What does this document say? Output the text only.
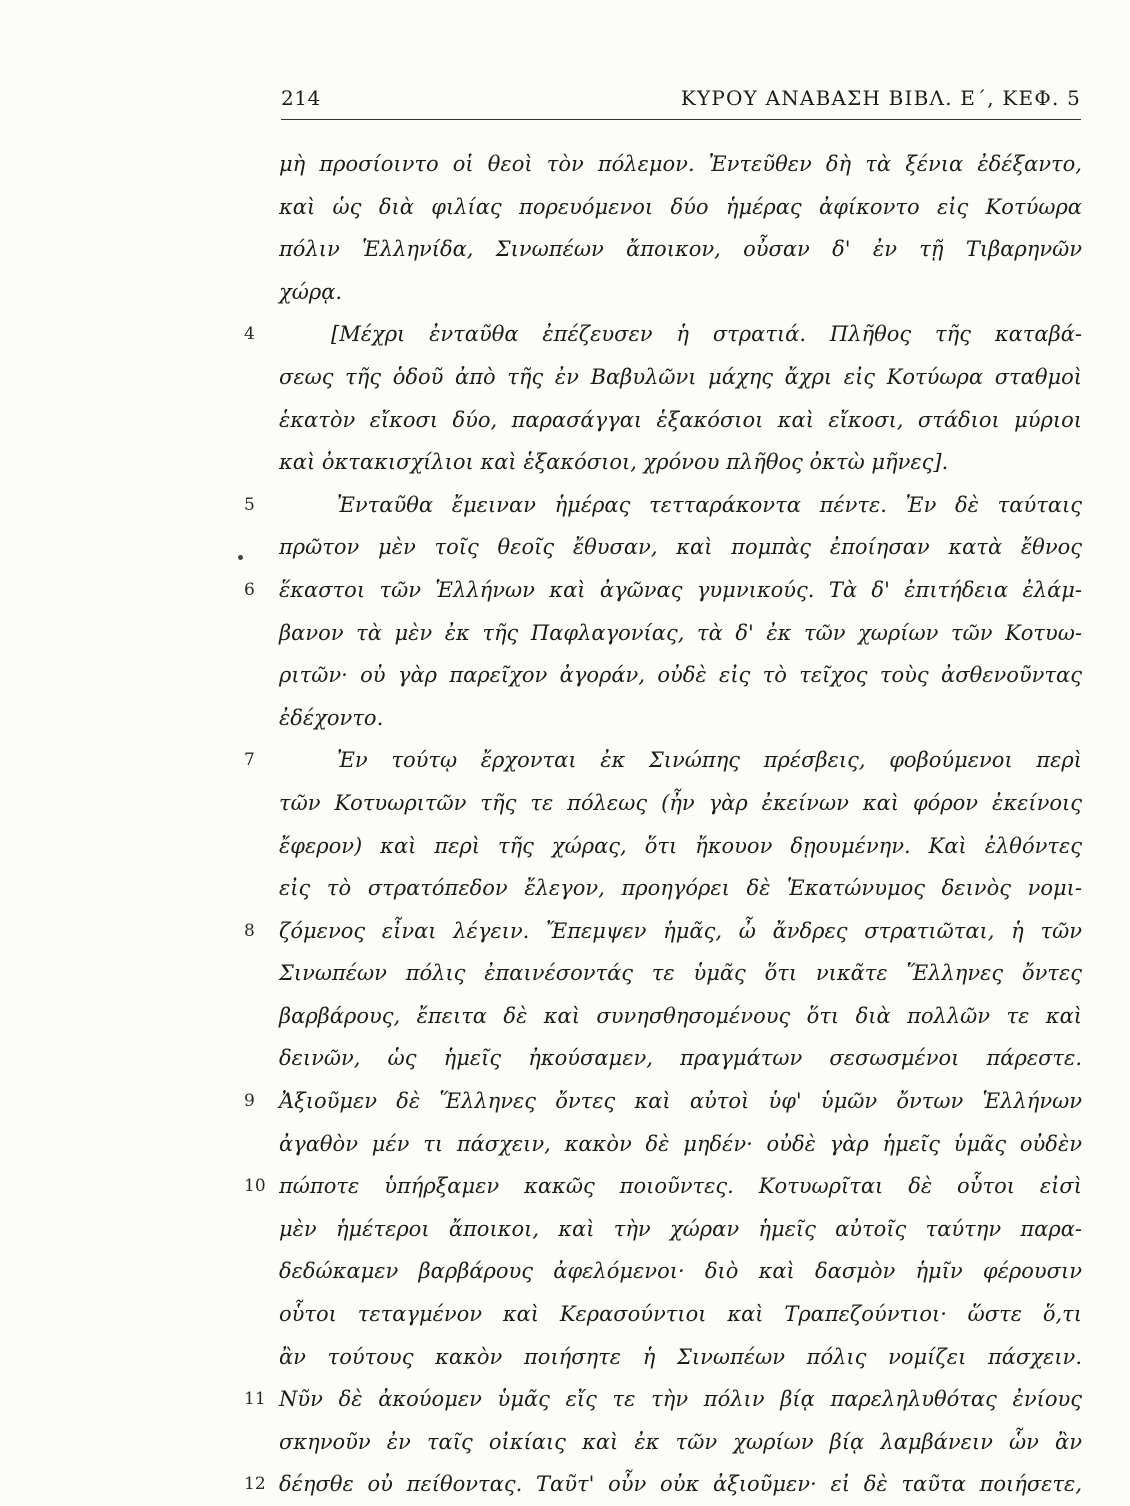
214	ΚΥΡΟΥ ΑΝΑΒΑΣΗ ΒΙΒΛ. Ε΄, ΚΕΦ. 5
μὴ προσίοιντο οἱ θεοὶ τὸν πόλεμον. Ἐντεῦθεν δὴ τὰ ξένια ἐδέξαντο,
καὶ ὡς διὰ φιλίας πορευόμενοι δύο ἡμέρας ἀφίκοντο εἰς Κοτύωρα
πόλιν Ἑλληνίδα, Σινωπέων ἄποικον, οὖσαν δ' ἐν τῇ Τιβαρηνῶν
χώρᾳ.
4	[Μέχρι ἐνταῦθα ἐπέζευσεν ἡ στρατιά. Πλῆθος τῆς καταβά-
σεως τῆς ὁδοῦ ἀπὸ τῆς ἐν Βαβυλῶνι μάχης ἄχρι εἰς Κοτύωρα σταθμοὶ
ἑκατὸν εἴκοσι δύο, παρασάγγαι ἑξακόσιοι καὶ εἴκοσι, στάδιοι μύριοι
καὶ ὀκτακισχίλιοι καὶ ἑξακόσιοι, χρόνου πλῆθος ὀκτὼ μῆνες].
5	Ἐνταῦθα ἔμειναν ἡμέρας τετταράκοντα πέντε. Ἐν δὲ ταύταις
πρῶτον μὲν τοῖς θεοῖς ἔθυσαν, καὶ πομπὰς ἐποίησαν κατὰ ἔθνος
6	ἕκαστοι τῶν Ἑλλήνων καὶ ἀγῶνας γυμνικούς. Τὰ δ' ἐπιτήδεια ἐλάμ-
βανον τὰ μὲν ἐκ τῆς Παφλαγονίας, τὰ δ' ἐκ τῶν χωρίων τῶν Κοτυω-
ριτῶν· οὐ γὰρ παρεῖχον ἀγοράν, οὐδὲ εἰς τὸ τεῖχος τοὺς ἀσθενοῦντας
ἐδέχοντο.
7	Ἐν τούτῳ ἔρχονται ἐκ Σινώπης πρέσβεις, φοβούμενοι περὶ
τῶν Κοτυωριτῶν τῆς τε πόλεως (ἦν γὰρ ἐκείνων καὶ φόρον ἐκείνοις
ἔφερον) καὶ περὶ τῆς χώρας, ὅτι ἤκουον δῃουμένην. Καὶ ἐλθόντες
εἰς τὸ στρατόπεδον ἔλεγον, προηγόρει δὲ Ἑκατώνυμος δεινὸς νομι-
8	ζόμενος εἶναι λέγειν. Ἔπεμψεν ἡμᾶς, ὦ ἄνδρες στρατιῶται, ἡ τῶν
Σινωπέων πόλις ἐπαινέσοντάς τε ὑμᾶς ὅτι νικᾶτε Ἕλληνες ὄντες
βαρβάρους, ἔπειτα δὲ καὶ συνησθησομένους ὅτι διὰ πολλῶν τε καὶ
δεινῶν, ὡς ἡμεῖς ἠκούσαμεν, πραγμάτων σεσωσμένοι πάρεστε.
9	Ἀξιοῦμεν δὲ Ἕλληνες ὄντες καὶ αὐτοὶ ὑφ' ὑμῶν ὄντων Ἑλλήνων
ἀγαθὸν μέν τι πάσχειν, κακὸν δὲ μηδέν· οὐδὲ γὰρ ἡμεῖς ὑμᾶς οὐδὲν
10 πώποτε ὑπήρξαμεν κακῶς ποιοῦντες. Κοτυωρῖται δὲ οὗτοι εἰσὶ
μὲν ἡμέτεροι ἄποικοι, καὶ τὴν χώραν ἡμεῖς αὐτοῖς ταύτην παρα-
δεδώκαμεν βαρβάρους ἀφελόμενοι· διὸ καὶ δασμὸν ἡμῖν φέρουσιν
οὗτοι τεταγμένον καὶ Κερασούντιοι καὶ Τραπεζούντιοι· ὥστε ὅ,τι
ἂν τούτους κακὸν ποιήσητε ἡ Σινωπέων πόλις νομίζει πάσχειν.
11 Νῦν δὲ ἀκούομεν ὑμᾶς εἴς τε τὴν πόλιν βίᾳ παρεληλυθότας ἐνίους
σκηνοῦν ἐν ταῖς οἰκίαις καὶ ἐκ τῶν χωρίων βίᾳ λαμβάνειν ὧν ἂν
12 δέησθε οὐ πείθοντας. Ταῦτ' οὖν οὐκ ἀξιοῦμεν· εἰ δὲ ταῦτα ποιήσετε,
